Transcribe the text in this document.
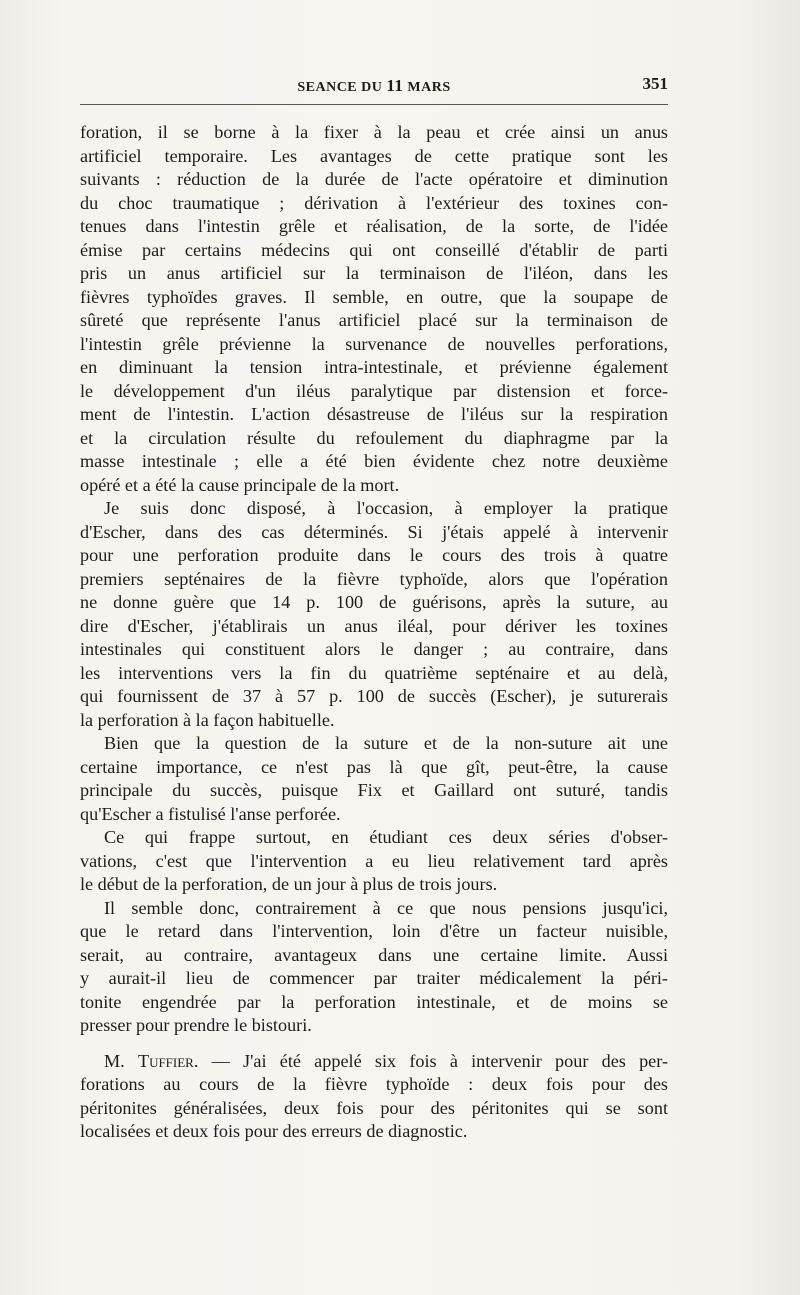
SEANCE DU 11 MARS	351
foration, il se borne à la fixer à la peau et crée ainsi un anus
artificiel temporaire. Les avantages de cette pratique sont les
suivants : réduction de la durée de l'acte opératoire et diminution
du choc traumatique ; dérivation à l'extérieur des toxines con-
tenues dans l'intestin grêle et réalisation, de la sorte, de l'idée
émise par certains médecins qui ont conseillé d'établir de parti
pris un anus artificiel sur la terminaison de l'iléon, dans les
fièvres typhoïdes graves. Il semble, en outre, que la soupape de
sûreté que représente l'anus artificiel placé sur la terminaison de
l'intestin grêle prévienne la survenance de nouvelles perforations,
en diminuant la tension intra-intestinale, et prévienne également
le développement d'un iléus paralytique par distension et force-
ment de l'intestin. L'action désastreuse de l'iléus sur la respiration
et la circulation résulte du refoulement du diaphragme par la
masse intestinale ; elle a été bien évidente chez notre deuxième
opéré et a été la cause principale de la mort.
Je suis donc disposé, à l'occasion, à employer la pratique
d'Escher, dans des cas déterminés. Si j'étais appelé à intervenir
pour une perforation produite dans le cours des trois à quatre
premiers septénaires de la fièvre typhoïde, alors que l'opération
ne donne guère que 14 p. 100 de guérisons, après la suture, au
dire d'Escher, j'établirais un anus iléal, pour dériver les toxines
intestinales qui constituent alors le danger ; au contraire, dans
les interventions vers la fin du quatrième septénaire et au delà,
qui fournissent de 37 à 57 p. 100 de succès (Escher), je suturerais
la perforation à la façon habituelle.
Bien que la question de la suture et de la non-suture ait une
certaine importance, ce n'est pas là que gît, peut-être, la cause
principale du succès, puisque Fix et Gaillard ont suturé, tandis
qu'Escher a fistulisé l'anse perforée.
Ce qui frappe surtout, en étudiant ces deux séries d'obser-
vations, c'est que l'intervention a eu lieu relativement tard après
le début de la perforation, de un jour à plus de trois jours.
Il semble donc, contrairement à ce que nous pensions jusqu'ici,
que le retard dans l'intervention, loin d'être un facteur nuisible,
serait, au contraire, avantageux dans une certaine limite. Aussi
y aurait-il lieu de commencer par traiter médicalement la péri-
tonite engendrée par la perforation intestinale, et de moins se
presser pour prendre le bistouri.
M. Tuffier. — J'ai été appelé six fois à intervenir pour des per-
forations au cours de la fièvre typhoïde : deux fois pour des
péritonites généralisées, deux fois pour des péritonites qui se sont
localisées et deux fois pour des erreurs de diagnostic.
